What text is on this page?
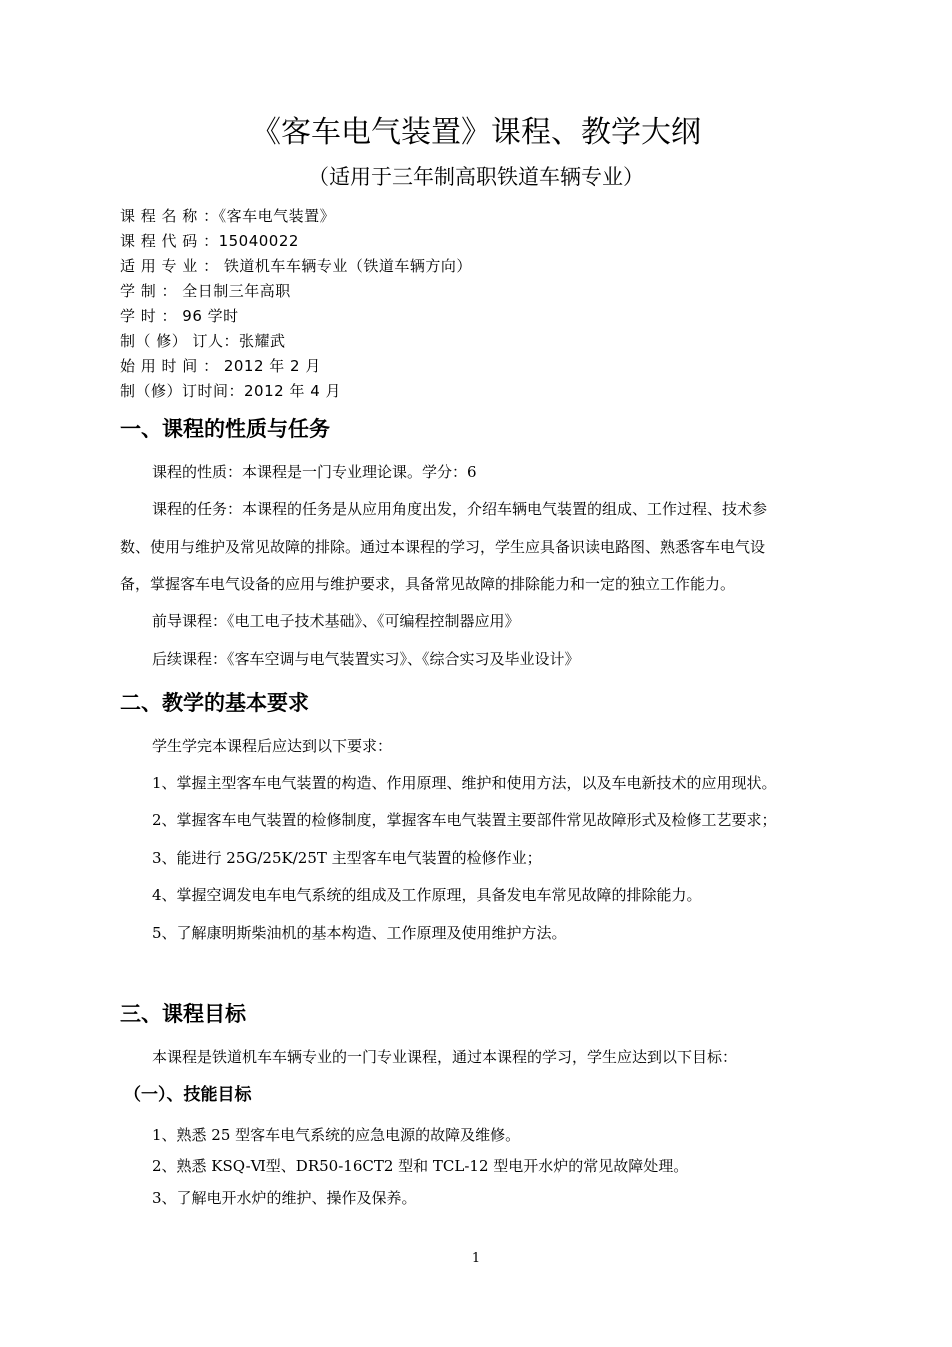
《客车电气装置》课程、教学大纲
（适用于三年制高职铁道车辆专业）
课 程 名 称 ：《客车电气装置》
课 程 代 码 ：15040022
适 用 专 业 ： 铁道机车车辆专业（铁道车辆方向）
学 制 ： 全日制三年高职
学 时 ： 96 学时
制（ 修） 订人：张耀武
始 用 时 间 ： 2012 年 2 月
制（修）订时间：2012 年 4 月
一、课程的性质与任务
课程的性质：本课程是一门专业理论课。学分：6
课程的任务：本课程的任务是从应用角度出发，介绍车辆电气装置的组成、工作过程、技术参
数、使用与维护及常见故障的排除。通过本课程的学习，学生应具备识读电路图、熟悉客车电气设
备，掌握客车电气设备的应用与维护要求，具备常见故障的排除能力和一定的独立工作能力。
前导课程：《电工电子技术基础》、《可编程控制器应用》
后续课程：《客车空调与电气装置实习》、《综合实习及毕业设计》
二、教学的基本要求
学生学完本课程后应达到以下要求：
1、掌握主型客车电气装置的构造、作用原理、维护和使用方法，以及车电新技术的应用现状。
2、掌握客车电气装置的检修制度，掌握客车电气装置主要部件常见故障形式及检修工艺要求；
3、能进行 25G/25K/25T 主型客车电气装置的检修作业；
4、掌握空调发电车电气系统的组成及工作原理，具备发电车常见故障的排除能力。
5、了解康明斯柴油机的基本构造、工作原理及使用维护方法。
三、课程目标
本课程是铁道机车车辆专业的一门专业课程，通过本课程的学习，学生应达到以下目标：
（一）、技能目标
1、熟悉 25 型客车电气系统的应急电源的故障及维修。
2、熟悉 KSQ-Ⅵ型、DR50-16CT2 型和 TCL-12 型电开水炉的常见故障处理。
3、了解电开水炉的维护、操作及保养。
1
